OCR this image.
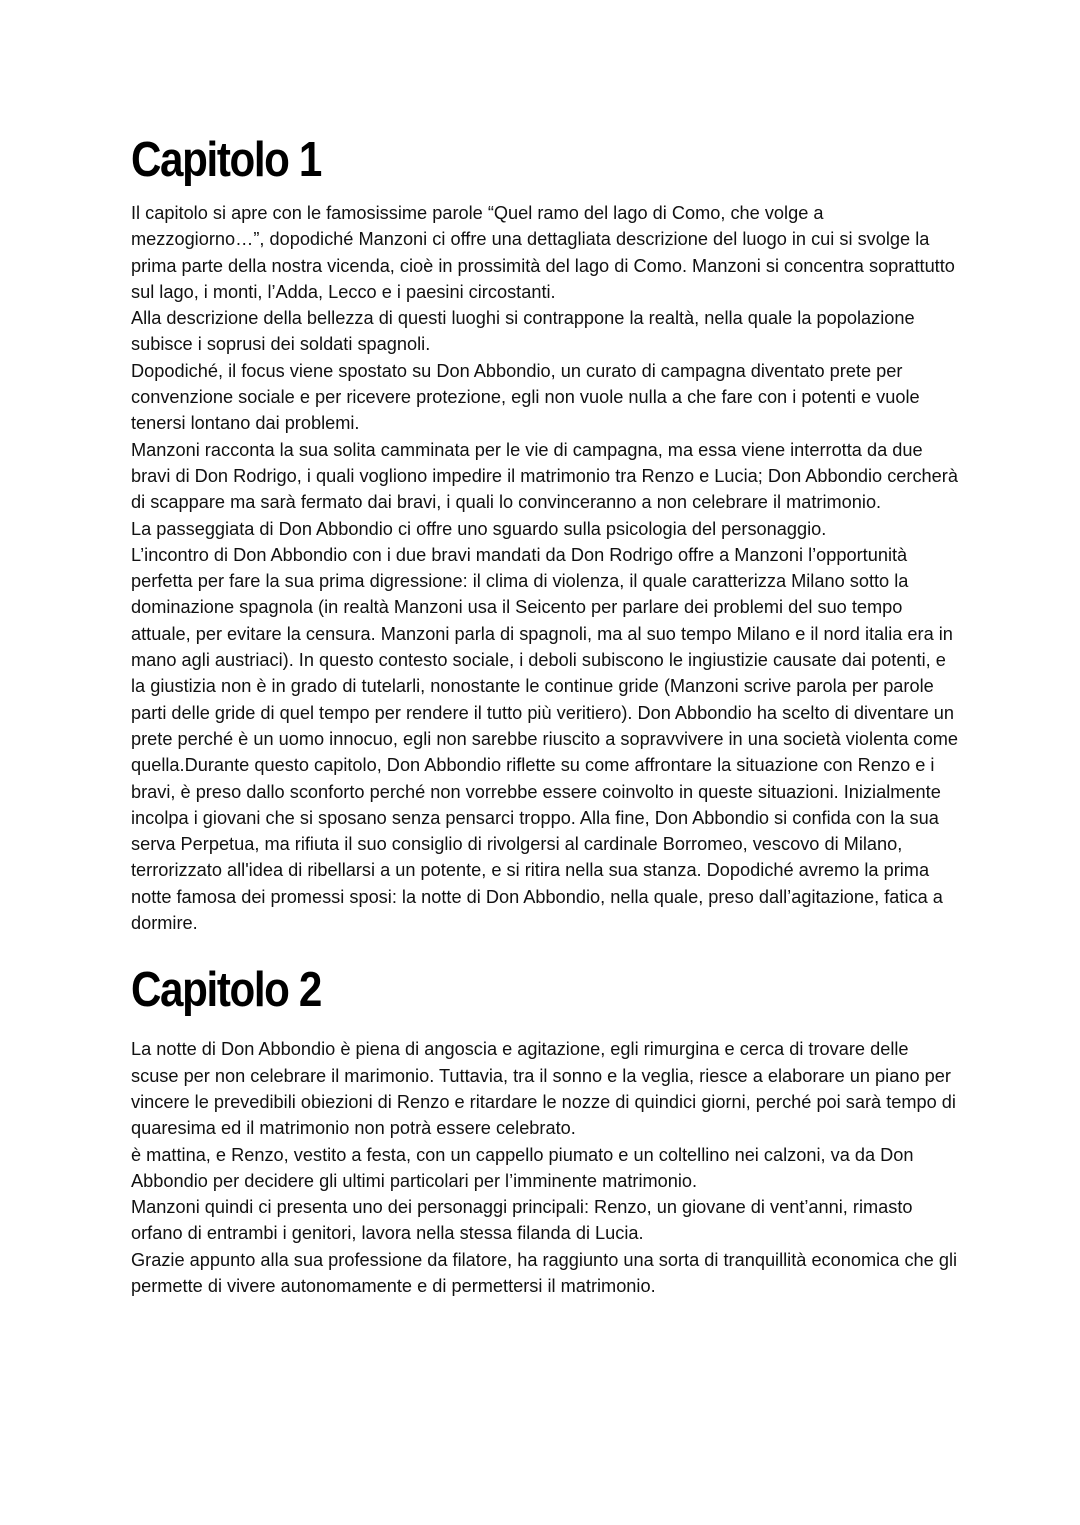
Capitolo 1

Il capitolo si apre con le famosissime parole “Quel ramo del lago di Como, che volge a mezzogiorno…”, dopodiché Manzoni ci offre una dettagliata descrizione del luogo in cui si svolge la prima parte della nostra vicenda, cioè in prossimità del lago di Como. Manzoni si concentra soprattutto sul lago, i monti, l’Adda, Lecco e i paesini circostanti.

Alla descrizione della bellezza di questi luoghi si contrappone la realtà, nella quale la popolazione subisce i soprusi dei soldati spagnoli.

Dopodiché, il focus viene spostato su Don Abbondio, un curato di campagna diventato prete per convenzione sociale e per ricevere protezione, egli non vuole nulla a che fare con i potenti e vuole tenersi lontano dai problemi.

Manzoni racconta la sua solita camminata per le vie di campagna, ma essa viene interrotta da due bravi di Don Rodrigo, i quali vogliono impedire il matrimonio tra Renzo e Lucia; Don Abbondio cercherà di scappare ma sarà fermato dai bravi, i quali lo convinceranno a non celebrare il matrimonio.

La passeggiata di Don Abbondio ci offre uno sguardo sulla psicologia del personaggio.

L’incontro di Don Abbondio con i due bravi mandati da Don Rodrigo offre a Manzoni l’opportunità perfetta per fare la sua prima digressione: il clima di violenza, il quale caratterizza Milano sotto la dominazione spagnola (in realtà Manzoni usa il Seicento per parlare dei problemi del suo tempo attuale, per evitare la censura. Manzoni parla di spagnoli, ma al suo tempo Milano e il nord italia era in mano agli austriaci). In questo contesto sociale, i deboli subiscono le ingiustizie causate dai potenti, e la giustizia non è in grado di tutelarli, nonostante le continue gride (Manzoni scrive parola per parole parti delle gride di quel tempo per rendere il tutto più veritiero). Don Abbondio ha scelto di diventare un prete perché è un uomo innocuo, egli non sarebbe riuscito a sopravvivere in una società violenta come quella.Durante questo capitolo, Don Abbondio riflette su come affrontare la situazione con Renzo e i bravi, è preso dallo sconforto perché non vorrebbe essere coinvolto in queste situazioni. Inizialmente incolpa i giovani che si sposano senza pensarci troppo. Alla fine, Don Abbondio si confida con la sua serva Perpetua, ma rifiuta il suo consiglio di rivolgersi al cardinale Borromeo, vescovo di Milano, terrorizzato all'idea di ribellarsi a un potente, e si ritira nella sua stanza. Dopodiché avremo la prima notte famosa dei promessi sposi: la notte di Don Abbondio, nella quale, preso dall’agitazione, fatica a dormire.

Capitolo 2

La notte di Don Abbondio è piena di angoscia e agitazione, egli rimurgina e cerca di trovare delle scuse per non celebrare il marimonio. Tuttavia, tra il sonno e la veglia, riesce a elaborare un piano per vincere le prevedibili obiezioni di Renzo e ritardare le nozze di quindici giorni, perché poi sarà tempo di quaresima ed il matrimonio non potrà essere celebrato.

è mattina, e Renzo, vestito a festa, con un cappello piumato e un coltellino nei calzoni, va da Don Abbondio per decidere gli ultimi particolari per l’imminente matrimonio.

Manzoni quindi ci presenta uno dei personaggi principali: Renzo, un giovane di vent’anni, rimasto orfano di entrambi i genitori, lavora nella stessa filanda di Lucia.

Grazie appunto alla sua professione da filatore, ha raggiunto una sorta di tranquillità economica che gli permette di vivere autonomamente e di permettersi il matrimonio.
